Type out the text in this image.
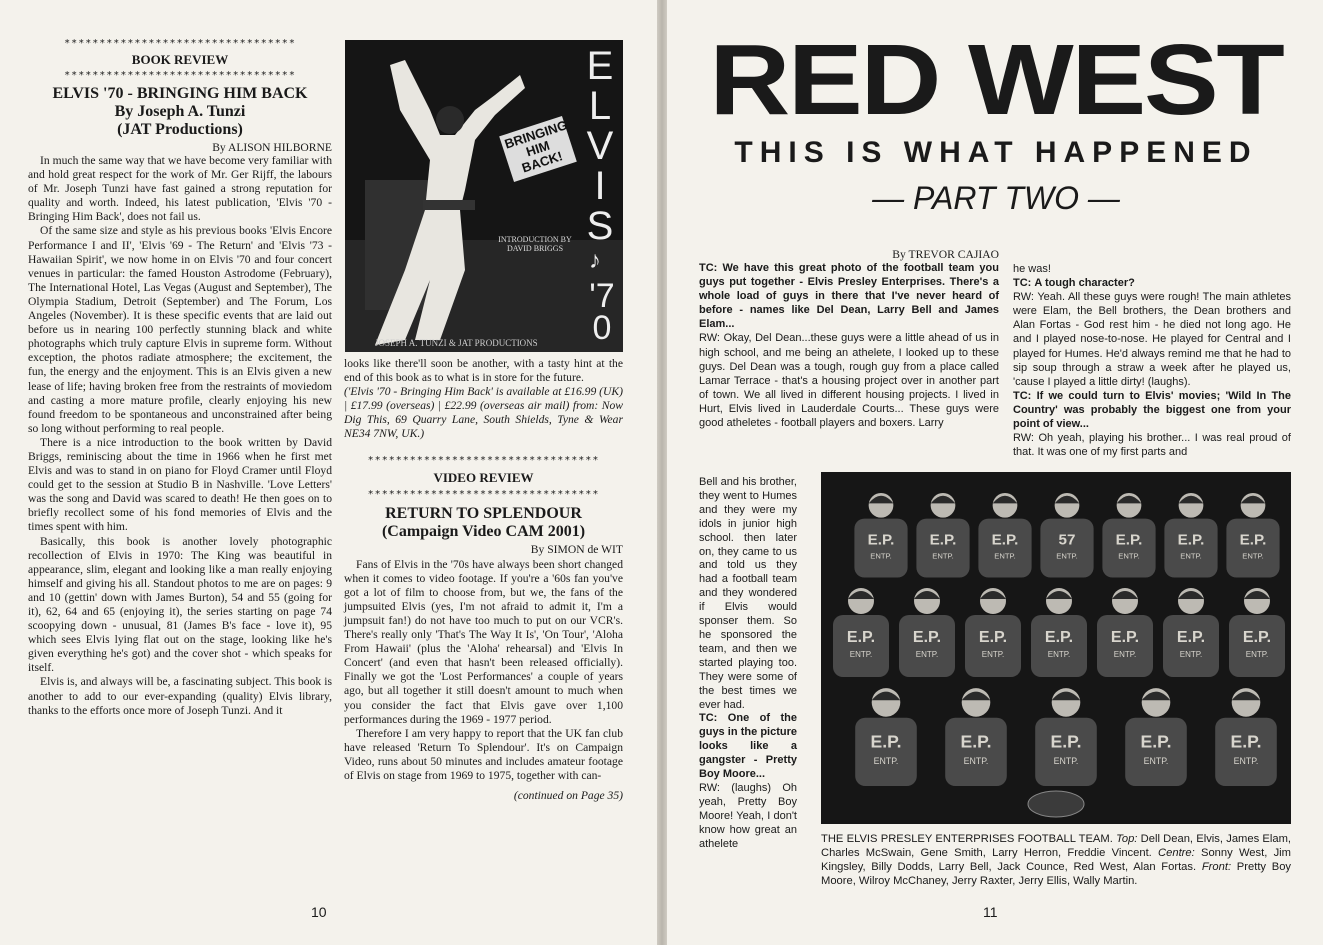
*********************************
BOOK REVIEW
*********************************
ELVIS '70 - BRINGING HIM BACK
By Joseph A. Tunzi
(JAT Productions)
By ALISON HILBORNE

In much the same way that we have become very familiar with and hold great respect for the work of Mr. Ger Rijff, the labours of Mr. Joseph Tunzi have fast gained a strong reputation for quality and worth. Indeed, his latest publication, 'Elvis '70 - Bringing Him Back', does not fail us.

Of the same size and style as his previous books 'Elvis Encore Performance I and II', 'Elvis '69 - The Return' and 'Elvis '73 - Hawaiian Spirit', we now home in on Elvis '70 and four concert venues in particular: the famed Houston Astrodome (February), The International Hotel, Las Vegas (August and September), The Olympia Stadium, Detroit (September) and The Forum, Los Angeles (November). It is these specific events that are laid out before us in nearing 100 perfectly stunning black and white photographs which truly capture Elvis in supreme form. Without exception, the photos radiate atmosphere; the excitement, the fun, the energy and the enjoyment. This is an Elvis given a new lease of life; having broken free from the restraints of moviedom and casting a more mature profile, clearly enjoying his new found freedom to be spontaneous and unconstrained after being so long without performing to real people.

There is a nice introduction to the book written by David Briggs, reminiscing about the time in 1966 when he first met Elvis and was to stand in on piano for Floyd Cramer until Floyd could get to the session at Studio B in Nashville. 'Love Letters' was the song and David was scared to death! He then goes on to briefly recollect some of his fond memories of Elvis and the times spent with him.

Basically, this book is another lovely photographic recollection of Elvis in 1970: The King was beautiful in appearance, slim, elegant and looking like a man really enjoying himself and giving his all. Standout photos to me are on pages: 9 and 10 (gettin' down with James Burton), 54 and 55 (going for it), 62, 64 and 65 (enjoying it), the series starting on page 74 scoopying down - unusual, 81 (James B's face - love it), 95 which sees Elvis lying flat out on the stage, looking like he's given everything he's got) and the cover shot - which speaks for itself.

Elvis is, and always will be, a fascinating subject. This book is another to add to our ever-expanding (quality) Elvis library, thanks to the efforts once more of Joseph Tunzi. And it

BRINGING HIM BACK!
INTRODUCTION BY DAVID BRIGGS
JOSEPH A. TUNZI & JAT PRODUCTIONS
ELVIS
♪
'70
looks like there'll soon be another, with a tasty hint at the end of this book as to what is in store for the future.
('Elvis '70 - Bringing Him Back' is available at £16.99 (UK) | £17.99 (overseas) | £22.99 (overseas air mail) from: Now Dig This, 69 Quarry Lane, South Shields, Tyne & Wear NE34 7NW, UK.)
*********************************
VIDEO REVIEW
*********************************
RETURN TO SPLENDOUR
(Campaign Video CAM 2001)
By SIMON de WIT

Fans of Elvis in the '70s have always been short changed when it comes to video footage. If you're a '60s fan you've got a lot of film to choose from, but we, the fans of the jumpsuited Elvis (yes, I'm not afraid to admit it, I'm a jumpsuit fan!) do not have too much to put on our VCR's. There's really only 'That's The Way It Is', 'On Tour', 'Aloha From Hawaii' (plus the 'Aloha' rehearsal) and 'Elvis In Concert' (and even that hasn't been released officially). Finally we got the 'Lost Performances' a couple of years ago, but all together it still doesn't amount to much when you consider the fact that Elvis gave over 1,100 performances during the 1969 - 1977 period.

Therefore I am very happy to report that the UK fan club have released 'Return To Splendour'. It's on Campaign Video, runs about 50 minutes and includes amateur footage of Elvis on stage from 1969 to 1975, together with can-

(continued on Page 35)
10
RED WEST
THIS IS WHAT HAPPENED
— PART TWO —
By TREVOR CAJIAO
TC: We have this great photo of the football team you guys put together - Elvis Presley Enterprises. There's a whole load of guys in there that I've never heard of before - names like Del Dean, Larry Bell and James Elam...
RW: Okay, Del Dean...these guys were a little ahead of us in high school, and me being an athelete, I looked up to these guys. Del Dean was a tough, rough guy from a place called Lamar Terrace - that's a housing project over in another part of town. We all lived in different housing projects. I lived in Hurt, Elvis lived in Lauderdale Courts... These guys were good atheletes - football players and boxers. Larry
Bell and his brother, they went to Humes and they were my idols in junior high school. then later on, they came to us and told us they had a football team and they wondered if Elvis would sponser them. So he sponsored the team, and then we started playing too. They were some of the best times we ever had.
TC: One of the guys in the picture looks like a gangster - Pretty Boy Moore...
RW: (laughs) Oh yeah, Pretty Boy Moore! Yeah, I don't know how great an athelete
he was!
TC: A tough character?
RW: Yeah. All these guys were rough! The main athletes were Elam, the Bell brothers, the Dean brothers and Alan Fortas - God rest him - he died not long ago. He and I played nose-to-nose. He played for Central and I played for Humes. He'd always remind me that he had to sip soup through a straw a week after he played us, 'cause I played a little dirty! (laughs).
TC: If we could turn to Elvis' movies; 'Wild In The Country' was probably the biggest one from your point of view...
RW: Oh yeah, playing his brother... I was real proud of that. It was one of my first parts and
E.P.
ENTP.
E.P.
ENTP.
E.P.
ENTP.
57
ENTP.
E.P.
ENTP.
E.P.
ENTP.
E.P.
ENTP.
E.P.
ENTP.
E.P.
ENTP.
E.P.
ENTP.
E.P.
ENTP.
E.P.
ENTP.
E.P.
ENTP.
E.P.
ENTP.
E.P.
ENTP.
E.P.
ENTP.
E.P.
ENTP.
E.P.
ENTP.
E.P.
ENTP.
THE ELVIS PRESLEY ENTERPRISES FOOTBALL TEAM. Top: Dell Dean, Elvis, James Elam, Charles McSwain, Gene Smith, Larry Herron, Freddie Vincent. Centre: Sonny West, Jim Kingsley, Billy Dodds, Larry Bell, Jack Counce, Red West, Alan Fortas. Front: Pretty Boy Moore, Wilroy McChaney, Jerry Raxter, Jerry Ellis, Wally Martin.
11
